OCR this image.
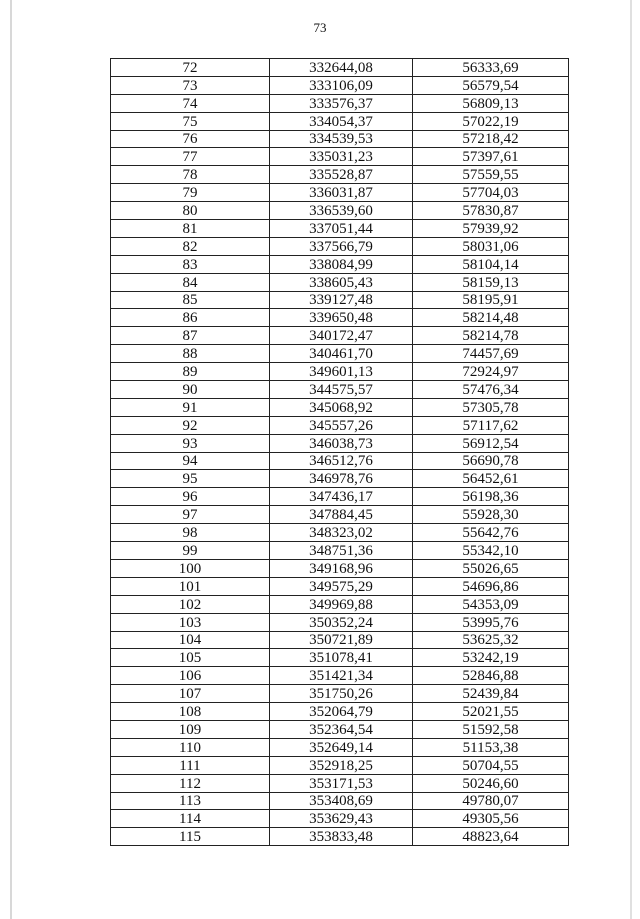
73
72	332644,08	56333,69
73	333106,09	56579,54
74	333576,37	56809,13
75	334054,37	57022,19
76	334539,53	57218,42
77	335031,23	57397,61
78	335528,87	57559,55
79	336031,87	57704,03
80	336539,60	57830,87
81	337051,44	57939,92
82	337566,79	58031,06
83	338084,99	58104,14
84	338605,43	58159,13
85	339127,48	58195,91
86	339650,48	58214,48
87	340172,47	58214,78
88	340461,70	74457,69
89	349601,13	72924,97
90	344575,57	57476,34
91	345068,92	57305,78
92	345557,26	57117,62
93	346038,73	56912,54
94	346512,76	56690,78
95	346978,76	56452,61
96	347436,17	56198,36
97	347884,45	55928,30
98	348323,02	55642,76
99	348751,36	55342,10
100	349168,96	55026,65
101	349575,29	54696,86
102	349969,88	54353,09
103	350352,24	53995,76
104	350721,89	53625,32
105	351078,41	53242,19
106	351421,34	52846,88
107	351750,26	52439,84
108	352064,79	52021,55
109	352364,54	51592,58
110	352649,14	51153,38
111	352918,25	50704,55
112	353171,53	50246,60
113	353408,69	49780,07
114	353629,43	49305,56
115	353833,48	48823,64
